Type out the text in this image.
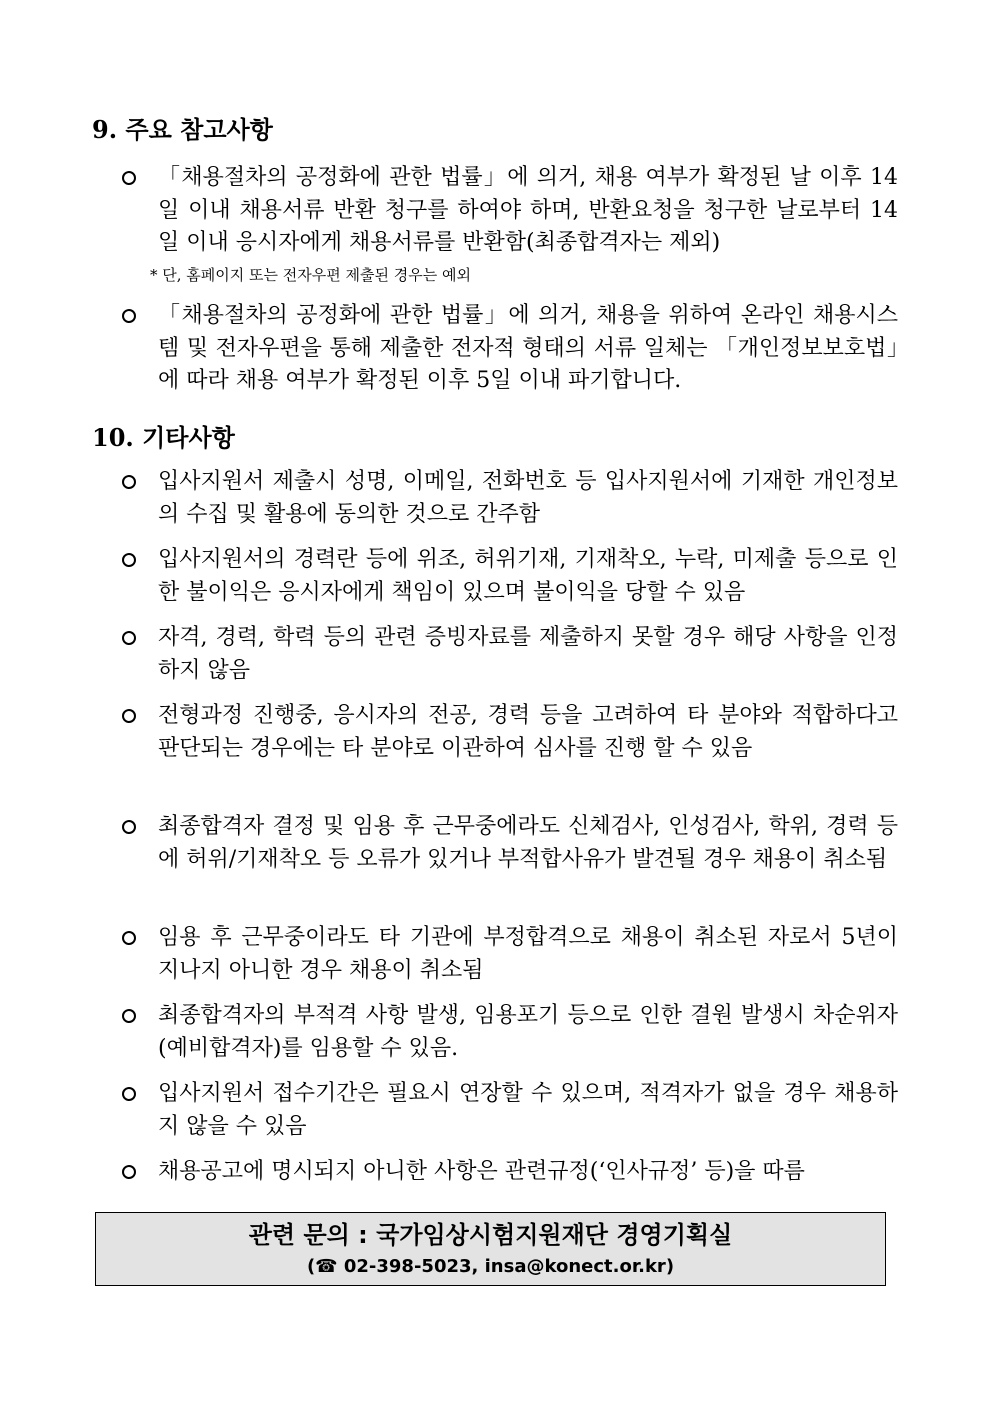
9. 주요 참고사항
「채용절차의 공정화에 관한 법률」에 의거, 채용 여부가 확정된 날 이후 14일 이내 채용서류 반환 청구를 하여야 하며, 반환요청을 청구한 날로부터 14일 이내 응시자에게 채용서류를 반환함(최종합격자는 제외)
* 단, 홈페이지 또는 전자우편 제출된 경우는 예외
「채용절차의 공정화에 관한 법률」에 의거, 채용을 위하여 온라인 채용시스템 및 전자우편을 통해 제출한 전자적 형태의 서류 일체는 「개인정보보호법」에 따라 채용 여부가 확정된 이후 5일 이내 파기합니다.
10. 기타사항
입사지원서 제출시 성명, 이메일, 전화번호 등 입사지원서에 기재한 개인정보의 수집 및 활용에 동의한 것으로 간주함
입사지원서의 경력란 등에 위조, 허위기재, 기재착오, 누락, 미제출 등으로 인한 불이익은 응시자에게 책임이 있으며 불이익을 당할 수 있음
자격, 경력, 학력 등의 관련 증빙자료를 제출하지 못할 경우 해당 사항을 인정하지 않음
전형과정 진행중, 응시자의 전공, 경력 등을 고려하여 타 분야와 적합하다고 판단되는 경우에는 타 분야로 이관하여 심사를 진행 할 수 있음
최종합격자 결정 및 임용 후 근무중에라도 신체검사, 인성검사, 학위, 경력 등에 허위/기재착오 등 오류가 있거나 부적합사유가 발견될 경우 채용이 취소됨
임용 후 근무중이라도 타 기관에 부정합격으로 채용이 취소된 자로서 5년이 지나지 아니한 경우 채용이 취소됨
최종합격자의 부적격 사항 발생, 임용포기 등으로 인한 결원 발생시 차순위자(예비합격자)를 임용할 수 있음.
입사지원서 접수기간은 필요시 연장할 수 있으며, 적격자가 없을 경우 채용하지 않을 수 있음
채용공고에 명시되지 아니한 사항은 관련규정(‘인사규정’ 등)을 따름
관련 문의 : 국가임상시험지원재단 경영기획실
(☎ 02-398-5023, insa@konect.or.kr)
